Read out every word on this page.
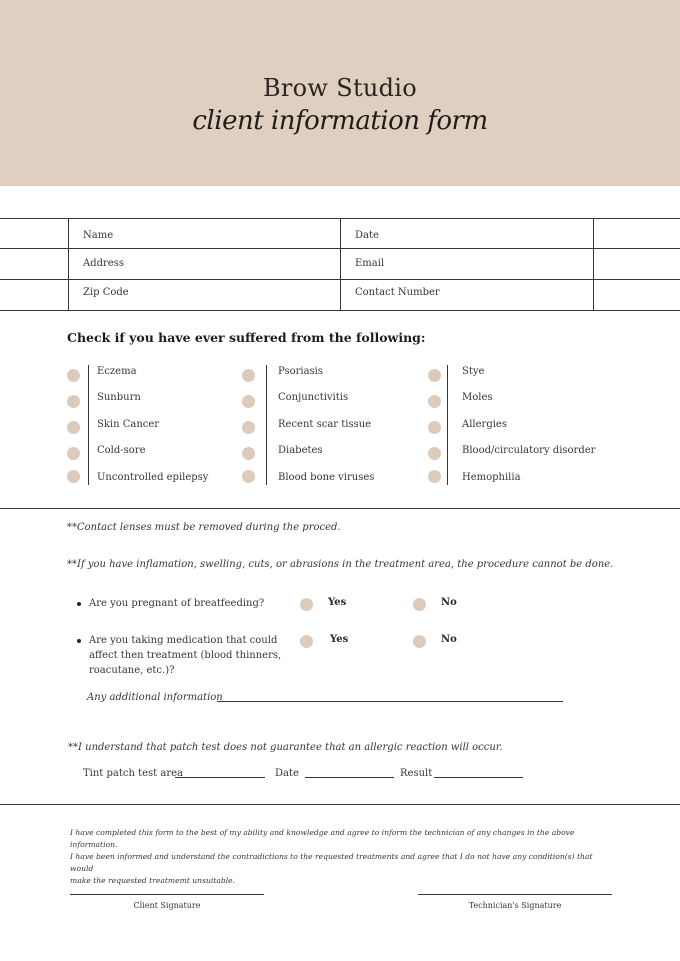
Brow Studio
client information form
Name	Date
Address	Email
Zip Code	Contact Number
Check if you have ever suffered from the following:
Eczema
Sunburn
Skin Cancer
Cold-sore
Uncontrolled epilepsy
Psoriasis
Conjunctivitis
Recent scar tissue
Diabetes
Blood bone viruses
Stye
Moles
Allergies
Blood/circulatory disorder
Hemophilia
**Contact lenses must be removed during the proced.
**If you have inflamation, swelling, cuts, or abrasions in the treatment area, the procedure cannot be done.
Are you pregnant of breatfeeding?	Yes	No
Are you taking medication that could
affect then treatment (blood thinners,
roacutane, etc.)?
Yes	No
Any additional information
**I understand that patch test does not guarantee that an allergic reaction will occur.
Tint patch test area	Date	Result
I have completed this form to the best of my ability and knowledge and agree to inform the technician of any changes in the above information.
I have been informed and understand the contradictions to the requested treatments and agree that I do not have any condition(s) that would
make the requested treatmemt unsuitable.
Client Signature	Technician's Signature
